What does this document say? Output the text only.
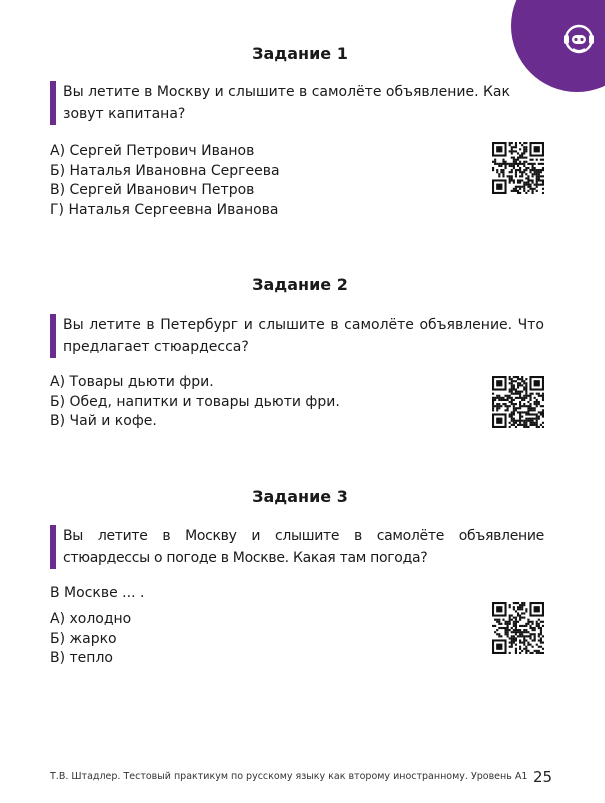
Задание 1
Вы летите в Москву и слышите в самолёте объявление. Как зовут капитана?
А) Сергей Петрович Иванов
Б) Наталья Ивановна Сергеева
В) Сергей Иванович Петров
Г) Наталья Сергеевна Иванова
Задание 2
Вы летите в Петербург и слышите в самолёте объявление. Что предлагает стюардесса?
А) Товары дьюти фри.
Б) Обед, напитки и товары дьюти фри.
В) Чай и кофе.
Задание 3
Вы летите в Москву и слышите в самолёте объявление стюардессы о погоде в Москве. Какая там погода?
В Москве ... .
А) холодно
Б) жарко
В) тепло
Т.В. Штадлер. Тестовый практикум по русскому языку как второму иностранному. Уровень А1 25
